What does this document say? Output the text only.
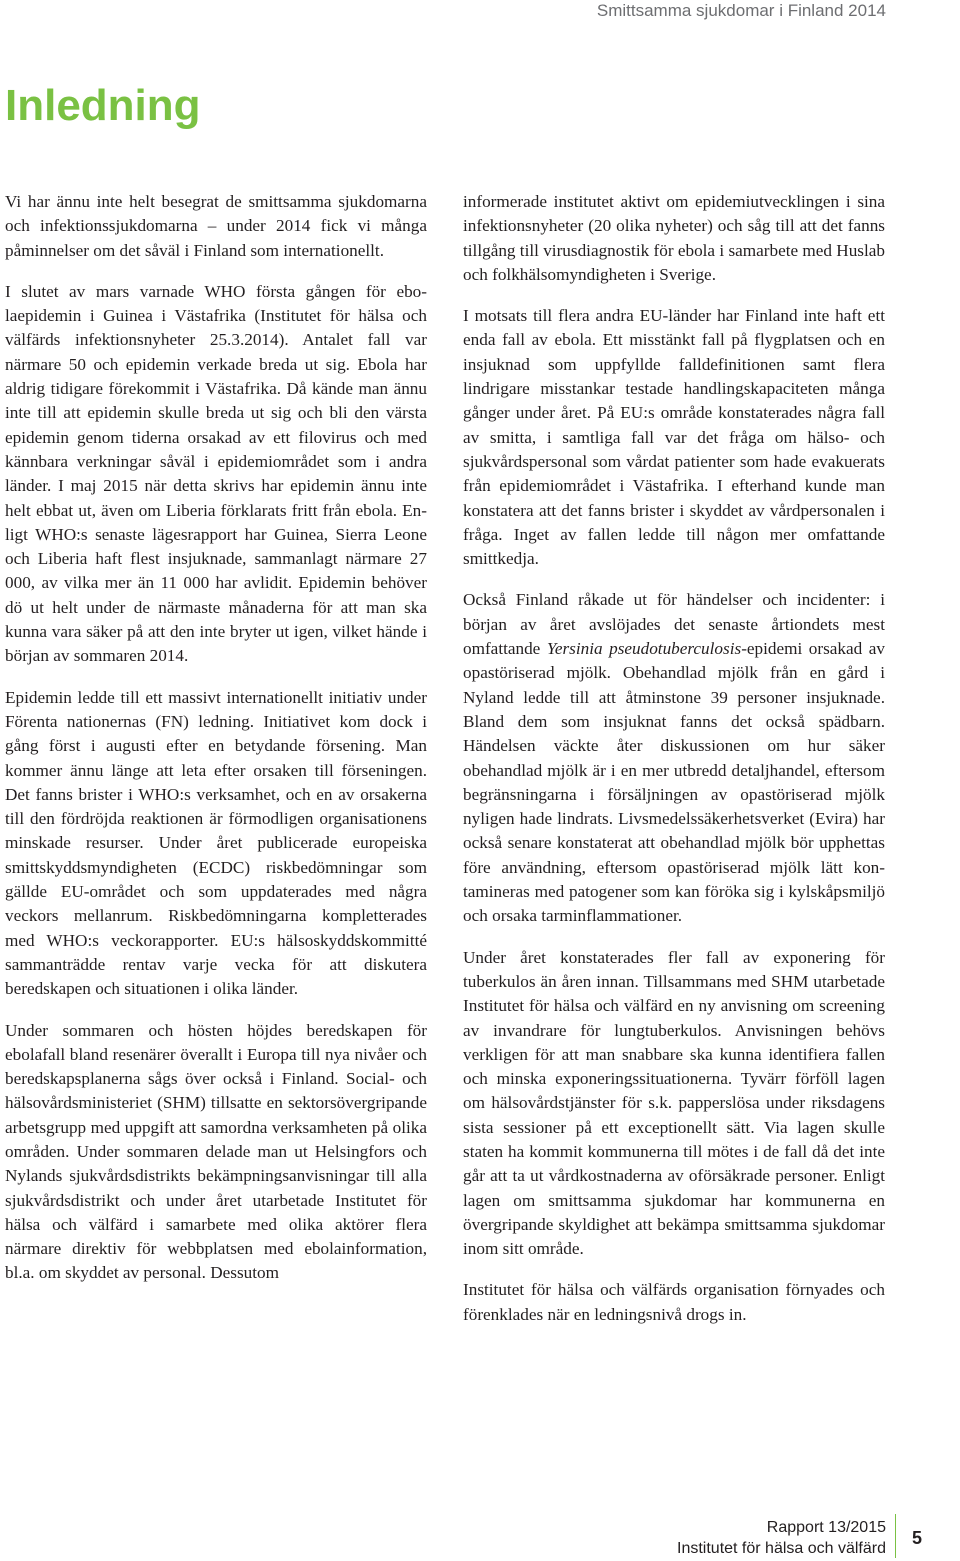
Smittsamma sjukdomar i Finland 2014
Inledning

Vi har ännu inte helt besegrat de smittsamma sjukdomarna och infektionssjukdomarna – under 2014 fick vi många påminnelser om det såväl i Finland som internationellt.

I slutet av mars varnade WHO första gången för ebolaepidemin i Guinea i Västafrika (Institutet för hälsa och välfärds infektionsnyheter 25.3.2014). Antalet fall var närmare 50 och epidemin verkade breda ut sig. Ebola har aldrig tidigare förekommit i Västafrika. Då kände man ännu inte till att epidemin skulle breda ut sig och bli den värsta epidemin genom tiderna orsakad av ett filovirus och med kännbara verkningar såväl i epidemiområdet som i andra länder. I maj 2015 när detta skrivs har epidemin ännu inte helt ebbat ut, även om Liberia förklarats fritt från ebola. Enligt WHO:s senaste lägesrapport har Guinea, Sierra Leone och Liberia haft flest insjuknade, sammanlagt närmare 27 000, av vilka mer än 11 000 har avlidit. Epidemin behöver dö ut helt under de närmaste månaderna för att man ska kunna vara säker på att den inte bryter ut igen, vilket hände i början av sommaren 2014.

Epidemin ledde till ett massivt internationellt initiativ under Förenta nationernas (FN) ledning. Initiativet kom dock i gång först i augusti efter en betydande försening. Man kommer ännu länge att leta efter orsaken till förseningen. Det fanns brister i WHO:s verksamhet, och en av orsakerna till den fördröjda reaktionen är förmodligen organisationens minskade resurser. Under året publicerade europeiska smittskyddsmyndigheten (ECDC) riskbedömningar som gällde EU-området och som uppdaterades med några veckors mellanrum. Riskbedömningarna kompletterades med WHO:s veckorapporter. EU:s hälsoskyddskommitté sammanträdde rentav varje vecka för att diskutera beredskapen och situationen i olika länder.

Under sommaren och hösten höjdes beredskapen för ebolafall bland resenärer överallt i Europa till nya nivåer och beredskapsplanerna sågs över också i Finland. Social- och hälsovårdsministeriet (SHM) tillsatte en sektorsövergripande arbetsgrupp med uppgift att samordna verksamheten på olika områden. Under sommaren delade man ut Helsingfors och Nylands sjukvårdsdistrikts bekämpningsanvisningar till alla sjukvårdsdistrikt och under året utarbetade Institutet för hälsa och välfärd i samarbete med olika aktörer flera närmare direktiv för webbplatsen med ebolainformation, bl.a. om skyddet av personal. Dessutom

informerade institutet aktivt om epidemiutvecklingen i sina infektionsnyheter (20 olika nyheter) och såg till att det fanns tillgång till virusdiagnostik för ebola i samarbete med Huslab och folkhälsomyndigheten i Sverige.

I motsats till flera andra EU-länder har Finland inte haft ett enda fall av ebola. Ett misstänkt fall på flygplatsen och en insjuknad som uppfyllde falldefinitionen samt flera lindrigare misstankar testade handlingskapaciteten många gånger under året. På EU:s område konstaterades några fall av smitta, i samtliga fall var det fråga om hälso- och sjukvårdspersonal som vårdat patienter som hade evakuerats från epidemiområdet i Västafrika. I efterhand kunde man konstatera att det fanns brister i skyddet av vårdpersonalen i fråga. Inget av fallen ledde till någon mer omfattande smittkedja.

Också Finland råkade ut för händelser och incidenter: i början av året avslöjades det senaste årtiondets mest omfattande Yersinia pseudotuberculosis-epidemi orsakad av opastöriserad mjölk. Obehandlad mjölk från en gård i Nyland ledde till att åtminstone 39 personer insjuknade. Bland dem som insjuknat fanns det också spädbarn. Händelsen väckte åter diskussionen om hur säker obehandlad mjölk är i en mer utbredd detaljhandel, eftersom begränsningarna i försäljningen av opastöriserad mjölk nyligen hade lindrats. Livsmedelssäkerhetsverket (Evira) har också senare konstaterat att obehandlad mjölk bör upphettas före användning, eftersom opastöriserad mjölk lätt kontamineras med patogener som kan föröka sig i kylskåpsmiljö och orsaka tarminflammationer.

Under året konstaterades fler fall av exponering för tuberkulos än åren innan. Tillsammans med SHM utarbetade Institutet för hälsa och välfärd en ny anvisning om screening av invandrare för lungtuberkulos. Anvisningen behövs verkligen för att man snabbare ska kunna identifiera fallen och minska exponeringssituationerna. Tyvärr förföll lagen om hälsovårdstjänster för s.k. papperslösa under riksdagens sista sessioner på ett exceptionellt sätt. Via lagen skulle staten ha kommit kommunerna till mötes i de fall då det inte går att ta ut vårdkostnaderna av oförsäkrade personer. Enligt lagen om smittsamma sjukdomar har kommunerna en övergripande skyldighet att bekämpa smittsamma sjukdomar inom sitt område.

Institutet för hälsa och välfärds organisation förnyades och förenklades när en ledningsnivå drogs in.

Rapport 13/2015
Institutet för hälsa och välfärd
5
